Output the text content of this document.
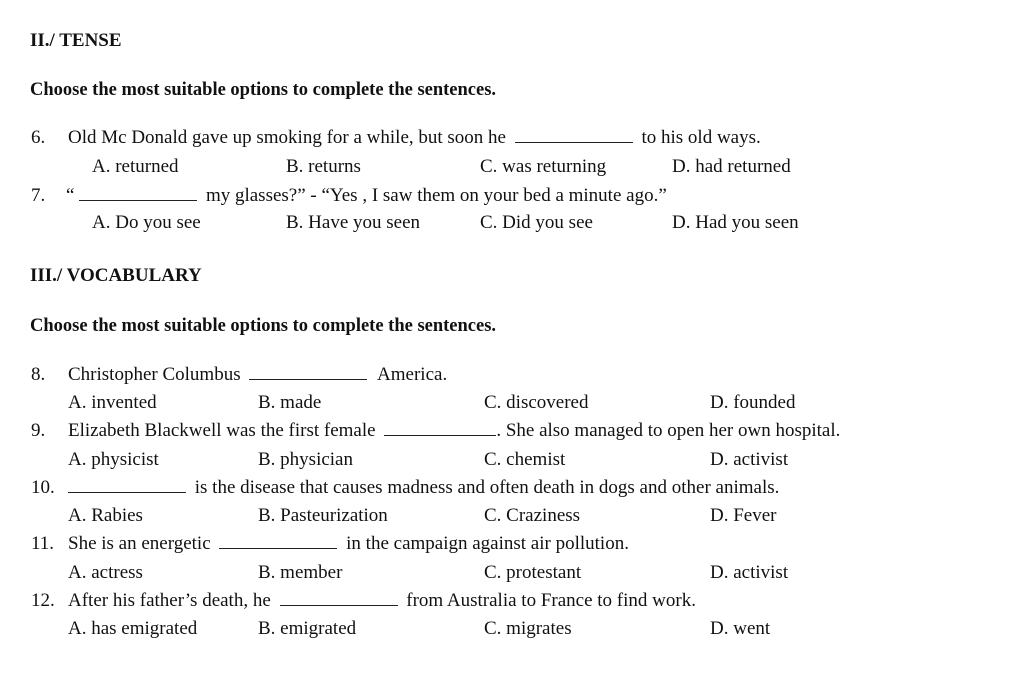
II./ TENSE
Choose the most suitable options to complete the sentences.
6. Old Mc Donald gave up smoking for a while, but soon he	to his old ways.
A. returned	B. returns	C. was returning	D. had returned
7. “	my glasses?” - “Yes , I saw them on your bed a minute ago.”
A. Do you see	B. Have you seen	C. Did you see	D. Had you seen
III./ VOCABULARY
Choose the most suitable options to complete the sentences.
8. Christopher Columbus	America.
A. invented	B. made	C. discovered	D. founded
9. Elizabeth Blackwell was the first female	. She also managed to open her own hospital.
A. physicist	B. physician	C. chemist	D. activist
10.	is the disease that causes madness and often death in dogs and other animals.
A. Rabies	B. Pasteurization	C. Craziness	D. Fever
11. She is an energetic	in the campaign against air pollution.
A. actress	B. member	C. protestant	D. activist
12. After his father’s death, he	from Australia to France to find work.
A. has emigrated	B. emigrated	C. migrates	D. went
